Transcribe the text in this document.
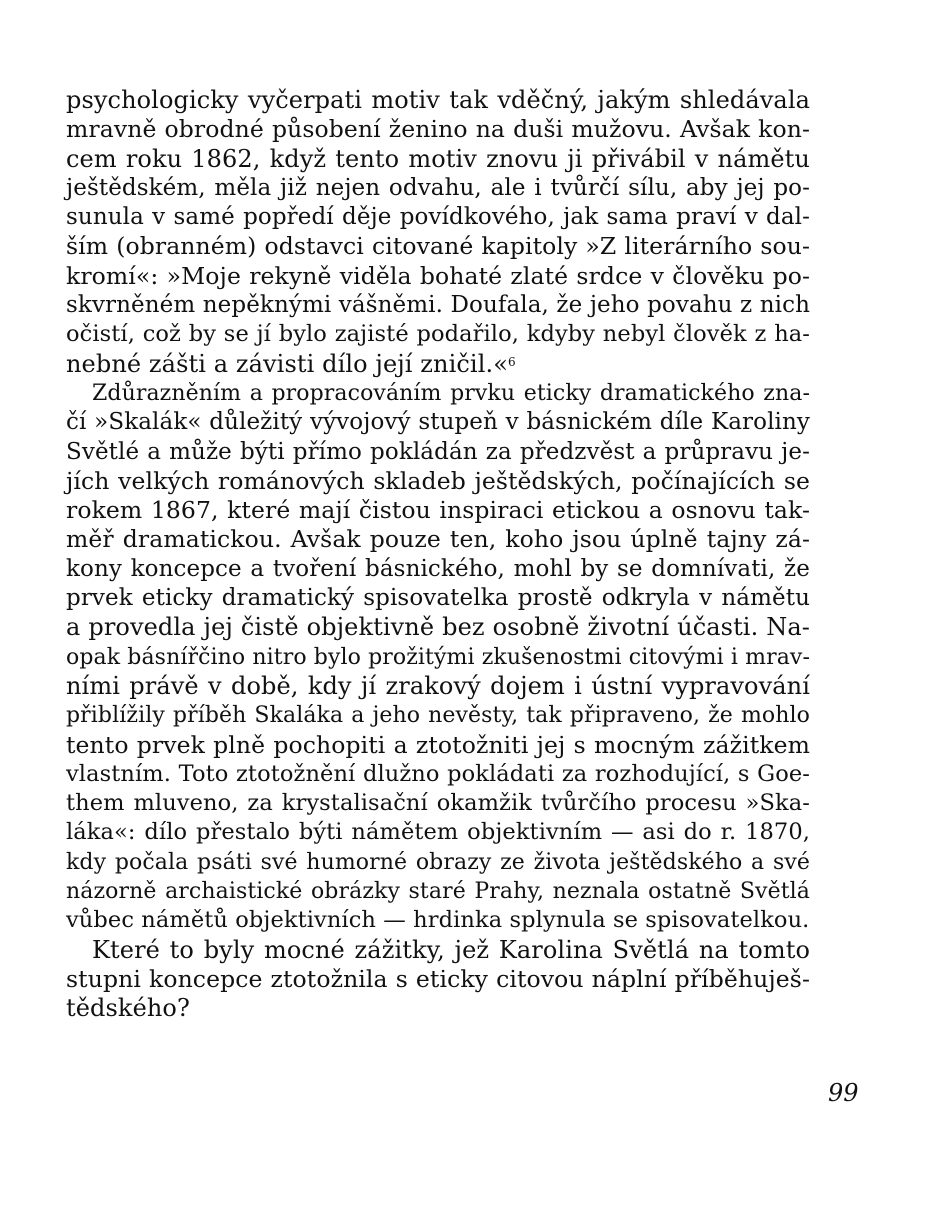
psychologicky vyčerpati motiv tak vděčný, jakým shledávala
mravně obrodné působení ženino na duši mužovu. Avšak kon-
cem roku 1862, když tento motiv znovu ji přivábil v námětu
ještědském, měla již nejen odvahu, ale i tvůrčí sílu, aby jej po-
sunula v samé popředí děje povídkového, jak sama praví v dal-
ším (obranném) odstavci citované kapitoly »Z literárního sou-
kromí«: »Moje rekyně viděla bohaté zlaté srdce v člověku po-
skvrněném nepěknými vášněmi. Doufala, že jeho povahu z nich
očistí, což by se jí bylo zajisté podařilo, kdyby nebyl člověk z ha-
nebné zášti a závisti dílo její zničil.«$^6$

Zdůrazněním a propracováním prvku eticky dramatického zna-
čí »Skalák« důležitý vývojový stupeň v básnickém díle Karoliny
Světlé a může býti přímo pokládán za předzvěst a průpravu je-
jích velkých románových skladeb ještědských, počínajících se
rokem 1867, které mají čistou inspiraci etickou a osnovu tak-
měř dramatickou. Avšak pouze ten, koho jsou úplně tajny zá-
kony koncepce a tvoření básnického, mohl by se domnívati, že
prvek eticky dramatický spisovatelka prostě odkryla v námětu
a provedla jej čistě objektivně bez osobně životní účasti. Na-
opak básnířčino nitro bylo prožitými zkušenostmi citovými i mrav-
ními právě v době, kdy jí zrakový dojem i ústní vypravování
přiblížily příběh Skaláka a jeho nevěsty, tak připraveno, že mohlo
tento prvek plně pochopiti a ztotožniti jej s mocným zážitkem
vlastním. Toto ztotožnění dlužno pokládati za rozhodující, s Goe-
them mluveno, za krystalisační okamžik tvůrčího procesu »Ska-
láka«: dílo přestalo býti námětem objektivním — asi do r. 1870,
kdy počala psáti své humorné obrazy ze života ještědského a své
názorně archaistické obrázky staré Prahy, neznala ostatně Světlá
vůbec námětů objektivních — hrdinka splynula se spisovatelkou.

Které to byly mocné zážitky, jež Karolina Světlá na tomto
stupni koncepce ztotožnila s eticky citovou náplní příběhuješ-
tědského?

99
